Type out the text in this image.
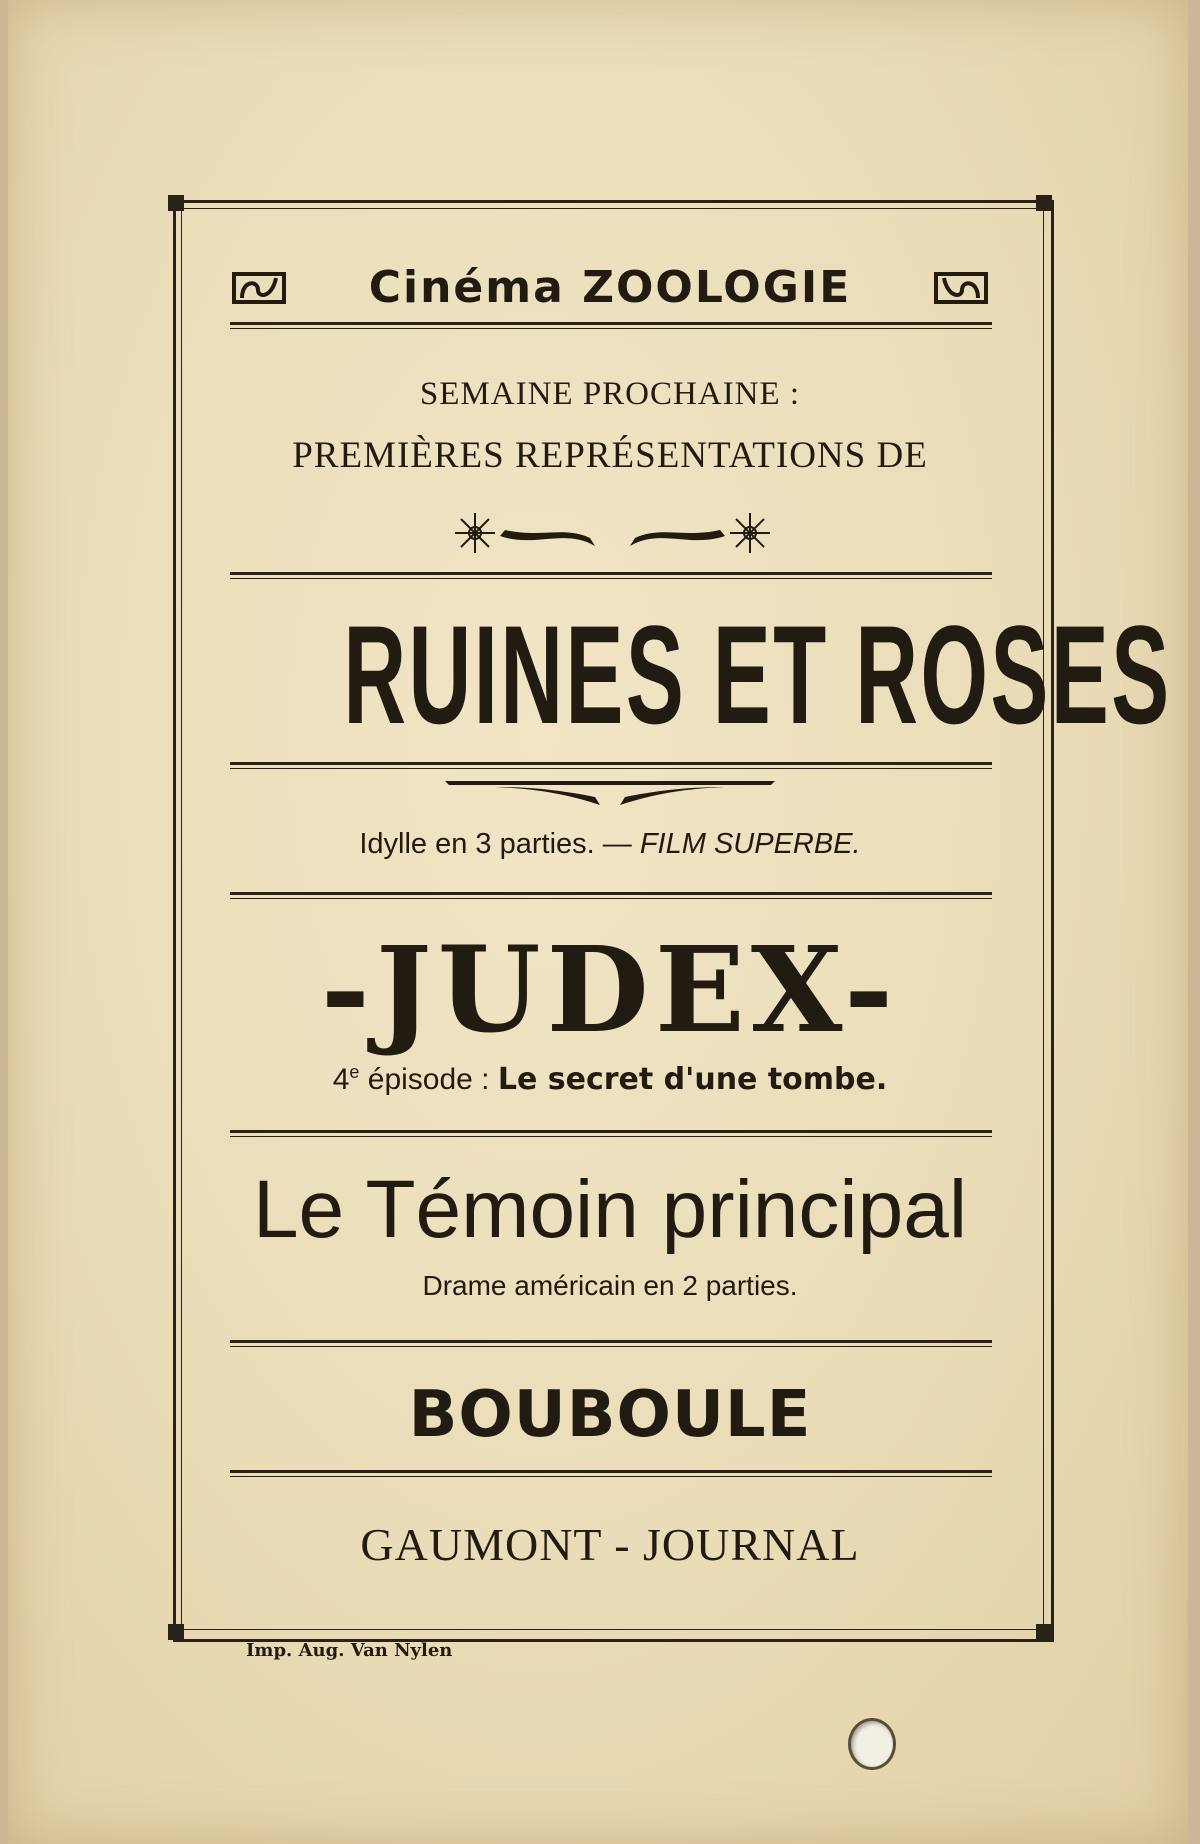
Cinéma ZOOLOGIE
SEMAINE PROCHAINE :
PREMIÈRES REPRÉSENTATIONS DE
RUINES ET ROSES
Idylle en 3 parties. — FILM SUPERBE.
-JUDEX-
4e épisode : Le secret d'une tombe.
Le Témoin principal
Drame américain en 2 parties.
BOUBOULE
GAUMONT - JOURNAL
Imp. Aug. Van Nylen
